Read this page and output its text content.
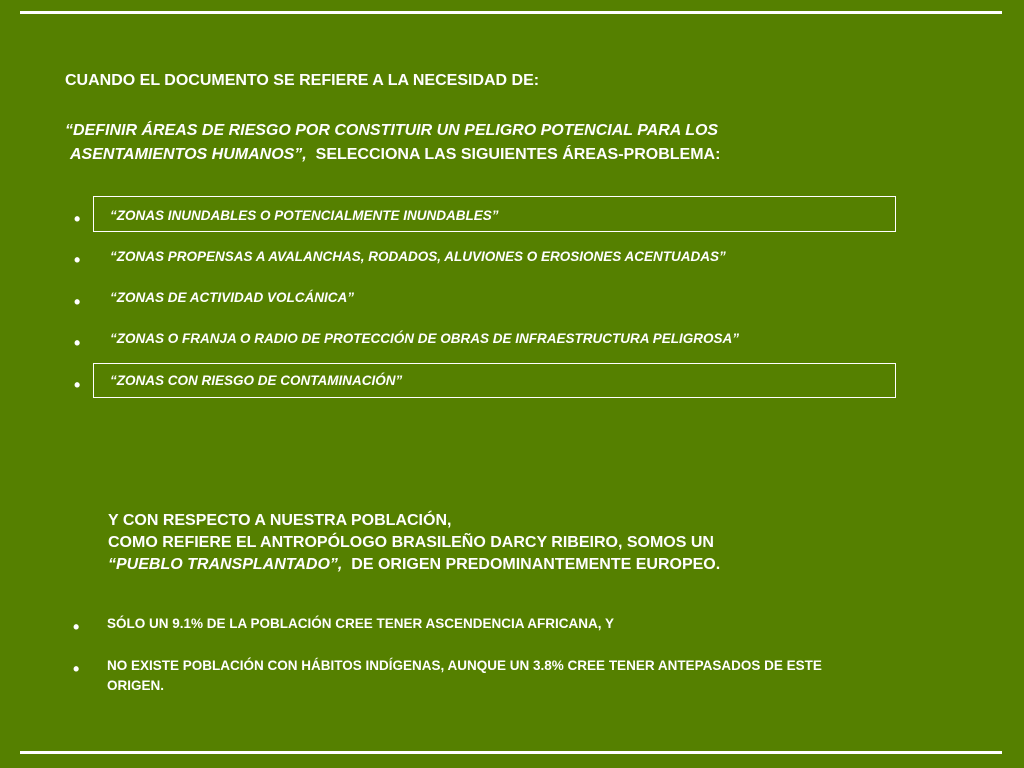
CUANDO EL DOCUMENTO SE REFIERE A LA NECESIDAD DE:
“DEFINIR ÁREAS DE RIESGO POR CONSTITUIR UN PELIGRO POTENCIAL PARA LOS
ASENTAMIENTOS HUMANOS”, SELECCIONA LAS SIGUIENTES ÁREAS-PROBLEMA:
• “ZONAS INUNDABLES O POTENCIALMENTE INUNDABLES”
• “ZONAS PROPENSAS A AVALANCHAS, RODADOS, ALUVIONES O EROSIONES ACENTUADAS”
• “ZONAS DE ACTIVIDAD VOLCÁNICA”
• “ZONAS O FRANJA O RADIO DE PROTECCIÓN DE OBRAS DE INFRAESTRUCTURA PELIGROSA”
• “ZONAS CON RIESGO DE CONTAMINACIÓN”
Y CON RESPECTO A NUESTRA POBLACIÓN,
COMO REFIERE EL ANTROPÓLOGO BRASILEÑO DARCY RIBEIRO, SOMOS UN
“PUEBLO TRANSPLANTADO”, DE ORIGEN PREDOMINANTEMENTE EUROPEO.
• SÓLO UN 9.1% DE LA POBLACIÓN CREE TENER ASCENDENCIA AFRICANA, Y
• NO EXISTE POBLACIÓN CON HÁBITOS INDÍGENAS, AUNQUE UN 3.8% CREE TENER ANTEPASADOS DE ESTE ORIGEN.
